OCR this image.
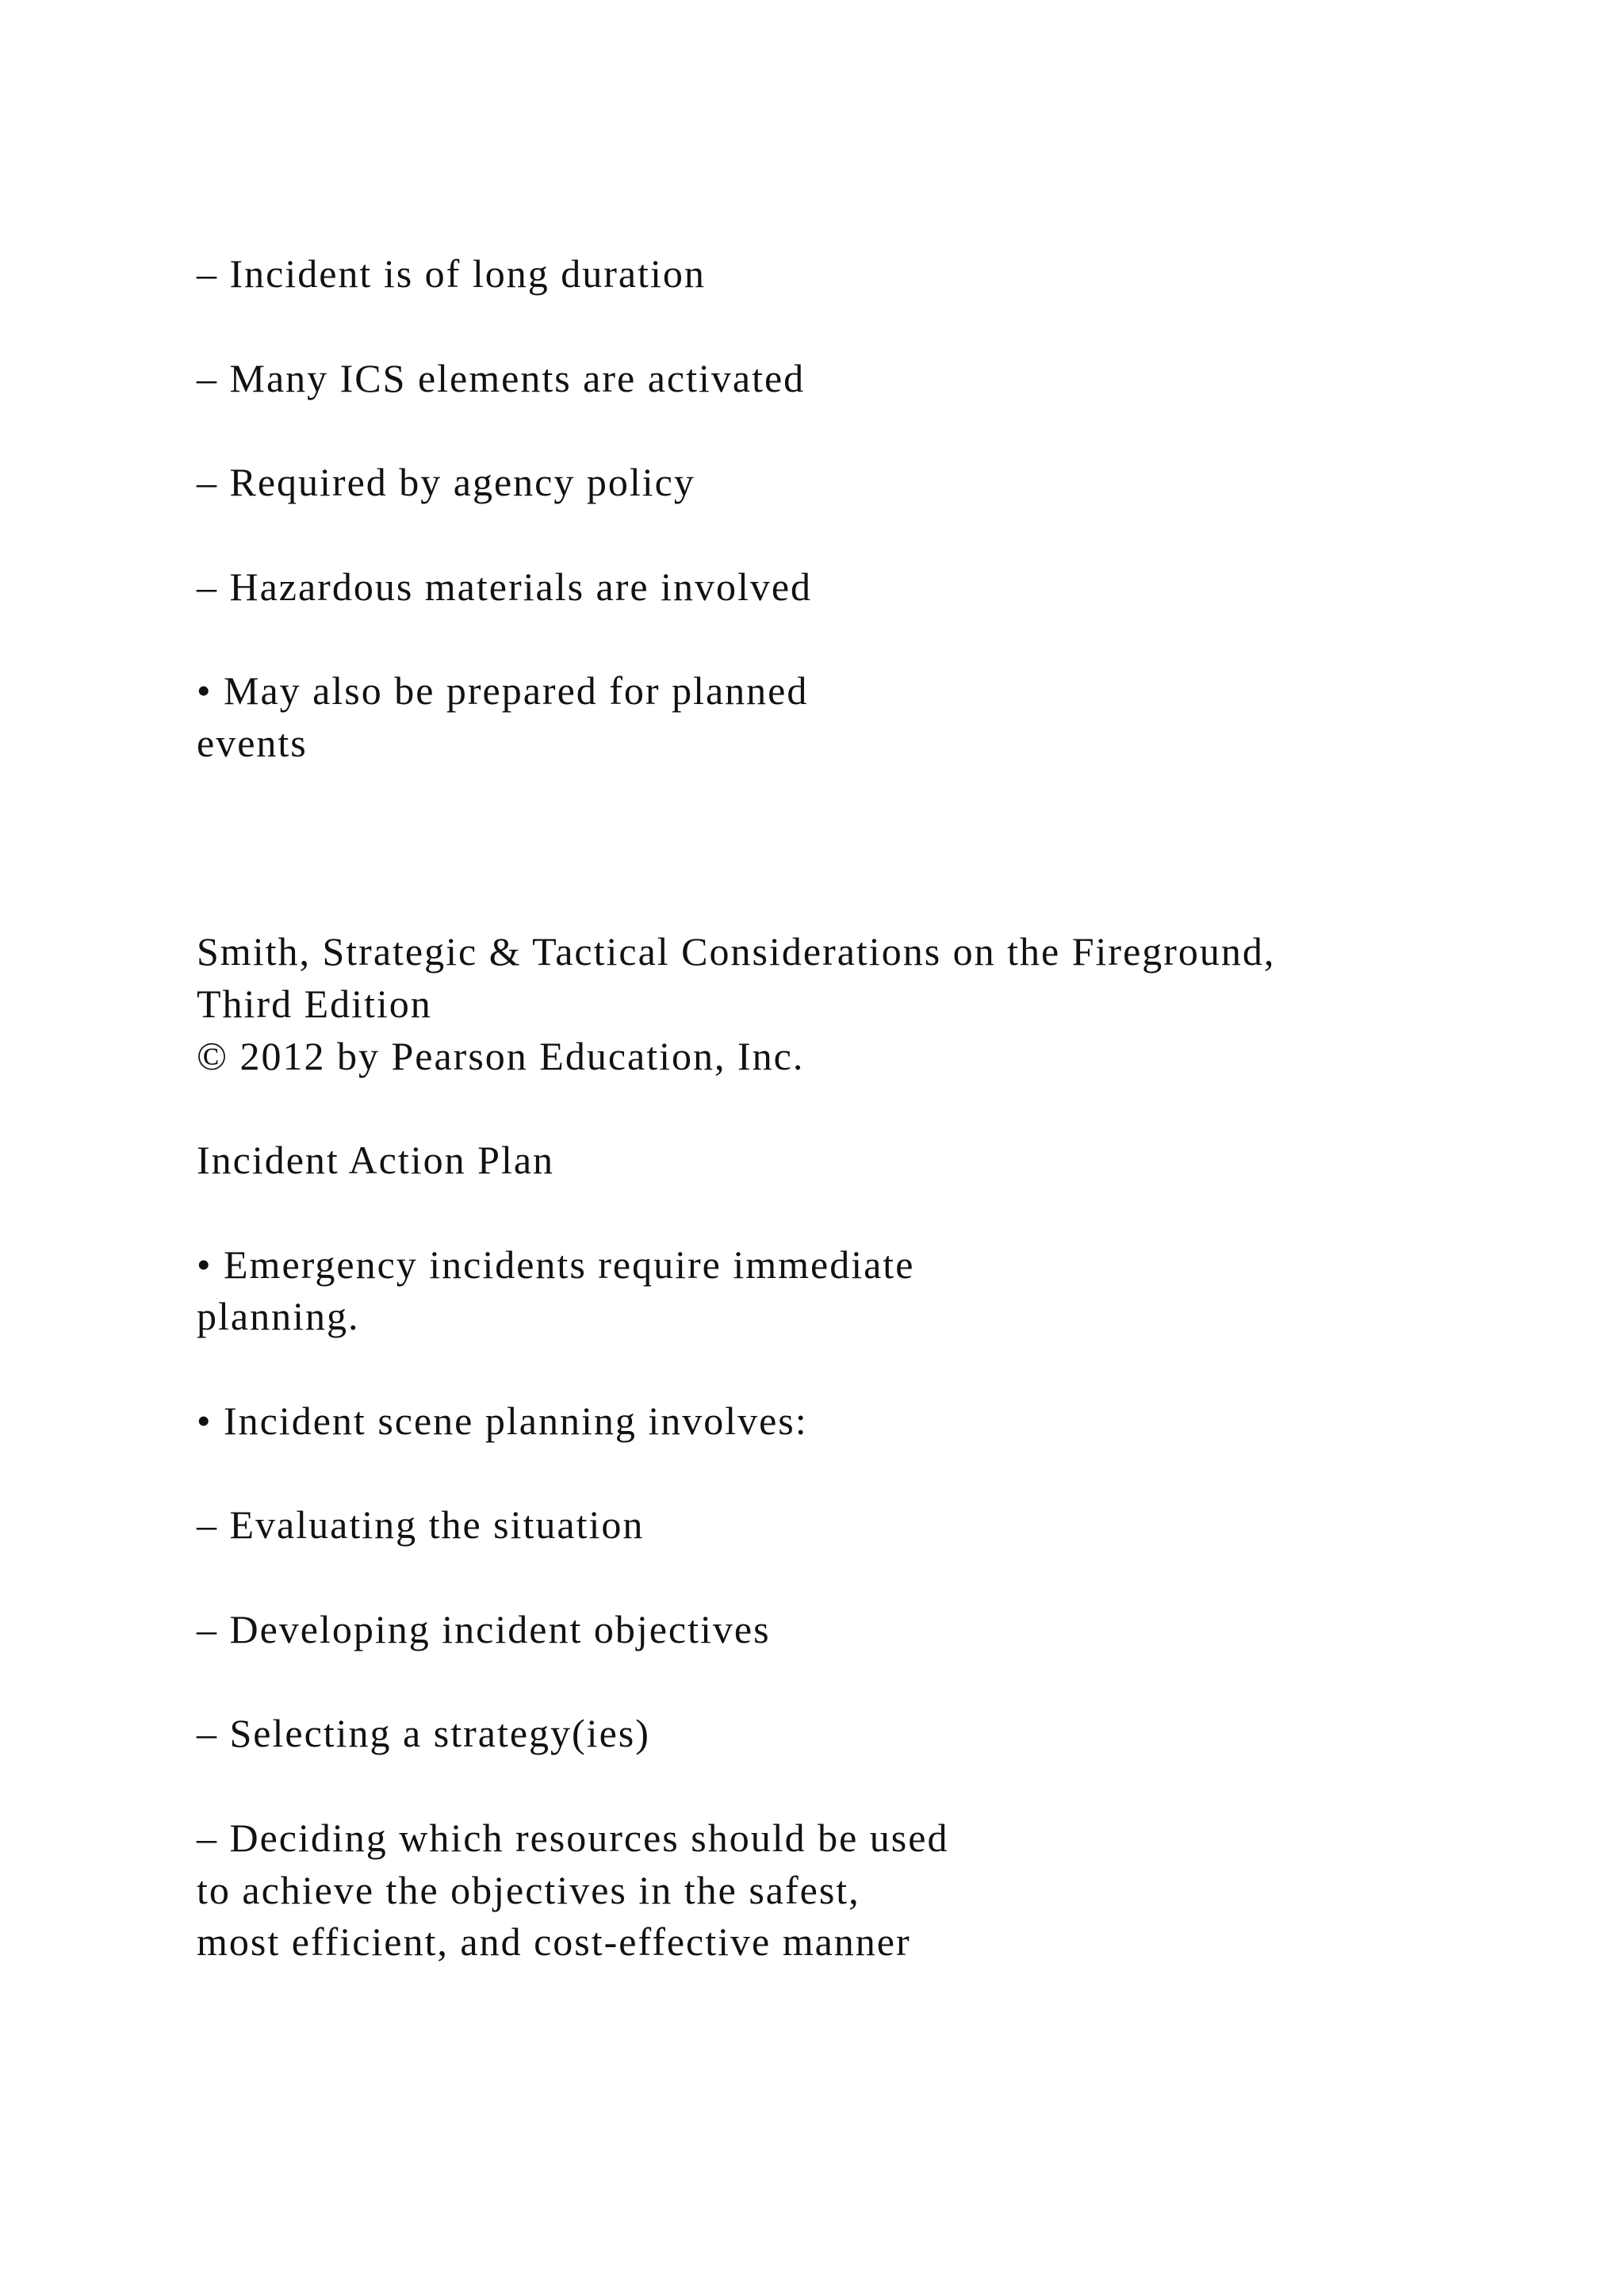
– Incident is of long duration

– Many ICS elements are activated

– Required by agency policy

– Hazardous materials are involved

• May also be prepared for planned

events

Smith, Strategic & Tactical Considerations on the Fireground,

Third Edition

© 2012 by Pearson Education, Inc.

Incident Action Plan

• Emergency incidents require immediate

planning.

• Incident scene planning involves:

– Evaluating the situation

– Developing incident objectives

– Selecting a strategy(ies)

– Deciding which resources should be used

to achieve the objectives in the safest,

most efficient, and cost-effective manner
